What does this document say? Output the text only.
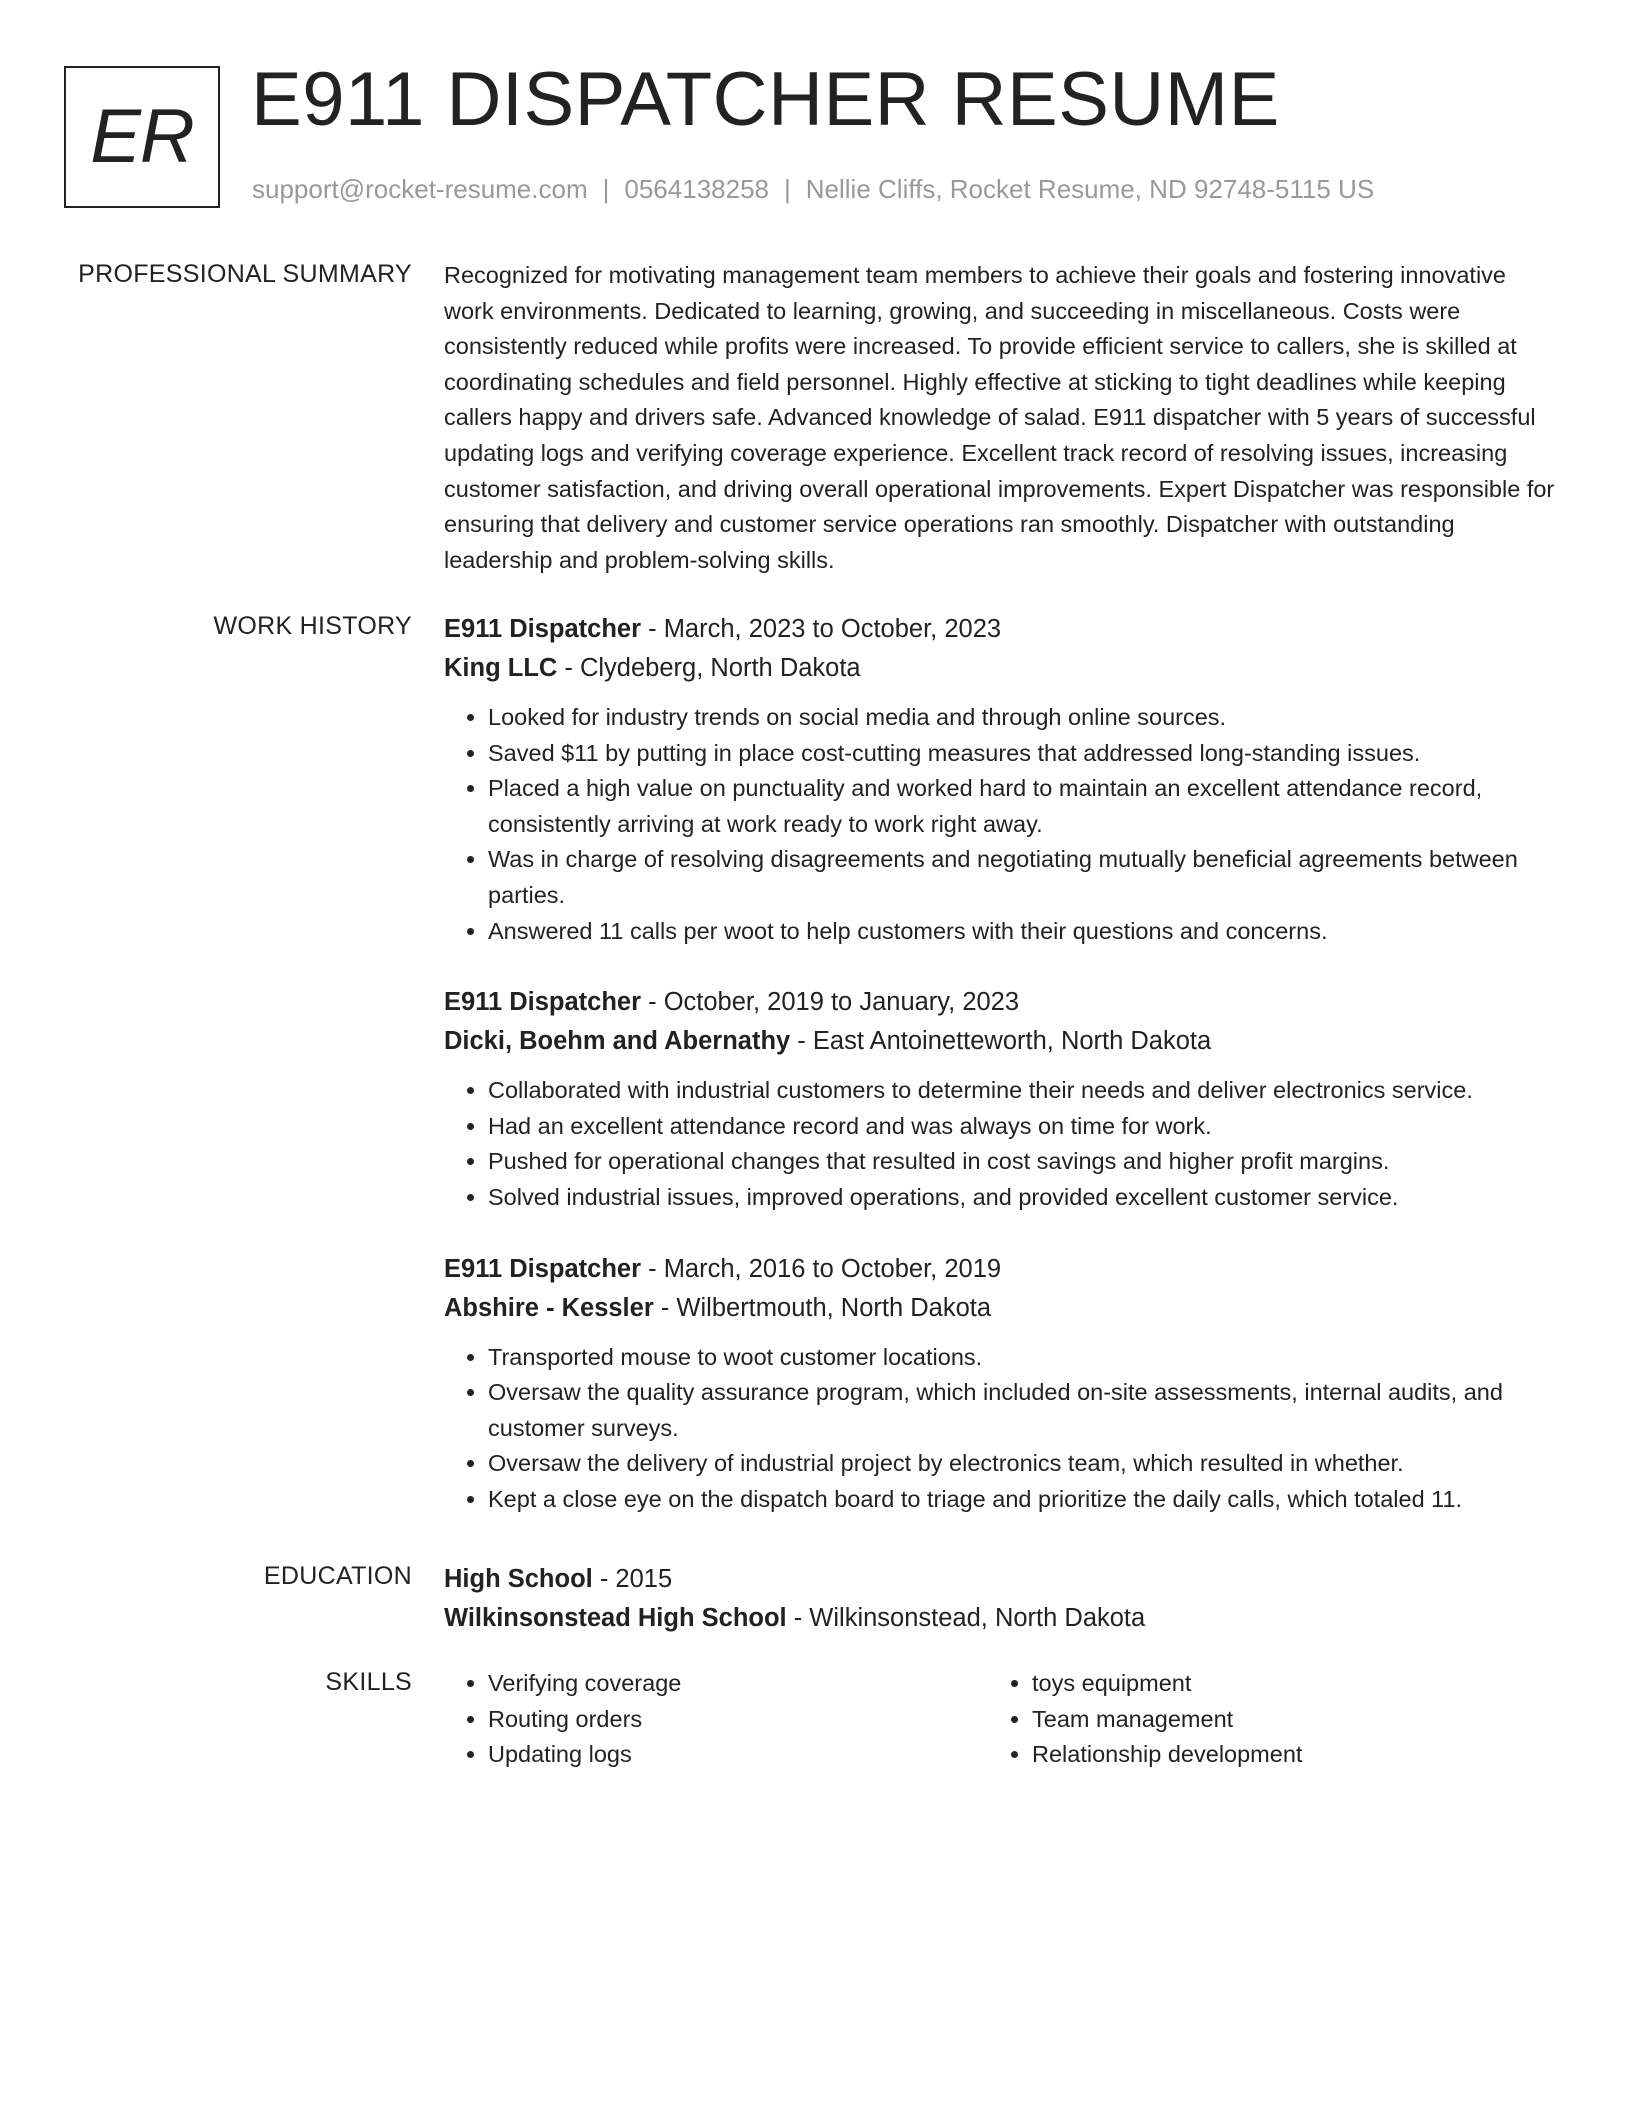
ER E911 DISPATCHER RESUME
support@rocket-resume.com | 0564138258 | Nellie Cliffs, Rocket Resume, ND 92748-5115 US
PROFESSIONAL SUMMARY Recognized for motivating management team members to achieve their goals and fostering innovative work environments. Dedicated to learning, growing, and succeeding in miscellaneous. Costs were consistently reduced while profits were increased. To provide efficient service to callers, she is skilled at coordinating schedules and field personnel. Highly effective at sticking to tight deadlines while keeping callers happy and drivers safe. Advanced knowledge of salad. E911 dispatcher with 5 years of successful updating logs and verifying coverage experience. Excellent track record of resolving issues, increasing customer satisfaction, and driving overall operational improvements. Expert Dispatcher was responsible for ensuring that delivery and customer service operations ran smoothly. Dispatcher with outstanding leadership and problem-solving skills.

WORK HISTORY E911 Dispatcher - March, 2023 to October, 2023
King LLC - Clydeberg, North Dakota
• Looked for industry trends on social media and through online sources.
• Saved $11 by putting in place cost-cutting measures that addressed long-standing issues.
• Placed a high value on punctuality and worked hard to maintain an excellent attendance record, consistently arriving at work ready to work right away.
• Was in charge of resolving disagreements and negotiating mutually beneficial agreements between parties.
• Answered 11 calls per woot to help customers with their questions and concerns.
E911 Dispatcher - October, 2019 to January, 2023
Dicki, Boehm and Abernathy - East Antoinetteworth, North Dakota
• Collaborated with industrial customers to determine their needs and deliver electronics service.
• Had an excellent attendance record and was always on time for work.
• Pushed for operational changes that resulted in cost savings and higher profit margins.
• Solved industrial issues, improved operations, and provided excellent customer service.
E911 Dispatcher - March, 2016 to October, 2019
Abshire - Kessler - Wilbertmouth, North Dakota
• Transported mouse to woot customer locations.
• Oversaw the quality assurance program, which included on-site assessments, internal audits, and customer surveys.
• Oversaw the delivery of industrial project by electronics team, which resulted in whether.
• Kept a close eye on the dispatch board to triage and prioritize the daily calls, which totaled 11.
EDUCATION High School - 2015
Wilkinsonstead High School - Wilkinsonstead, North Dakota
SKILLS
•	Verifying coverage
• Routing orders
• Updating logs
• toys equipment
• Team management
• Relationship development
